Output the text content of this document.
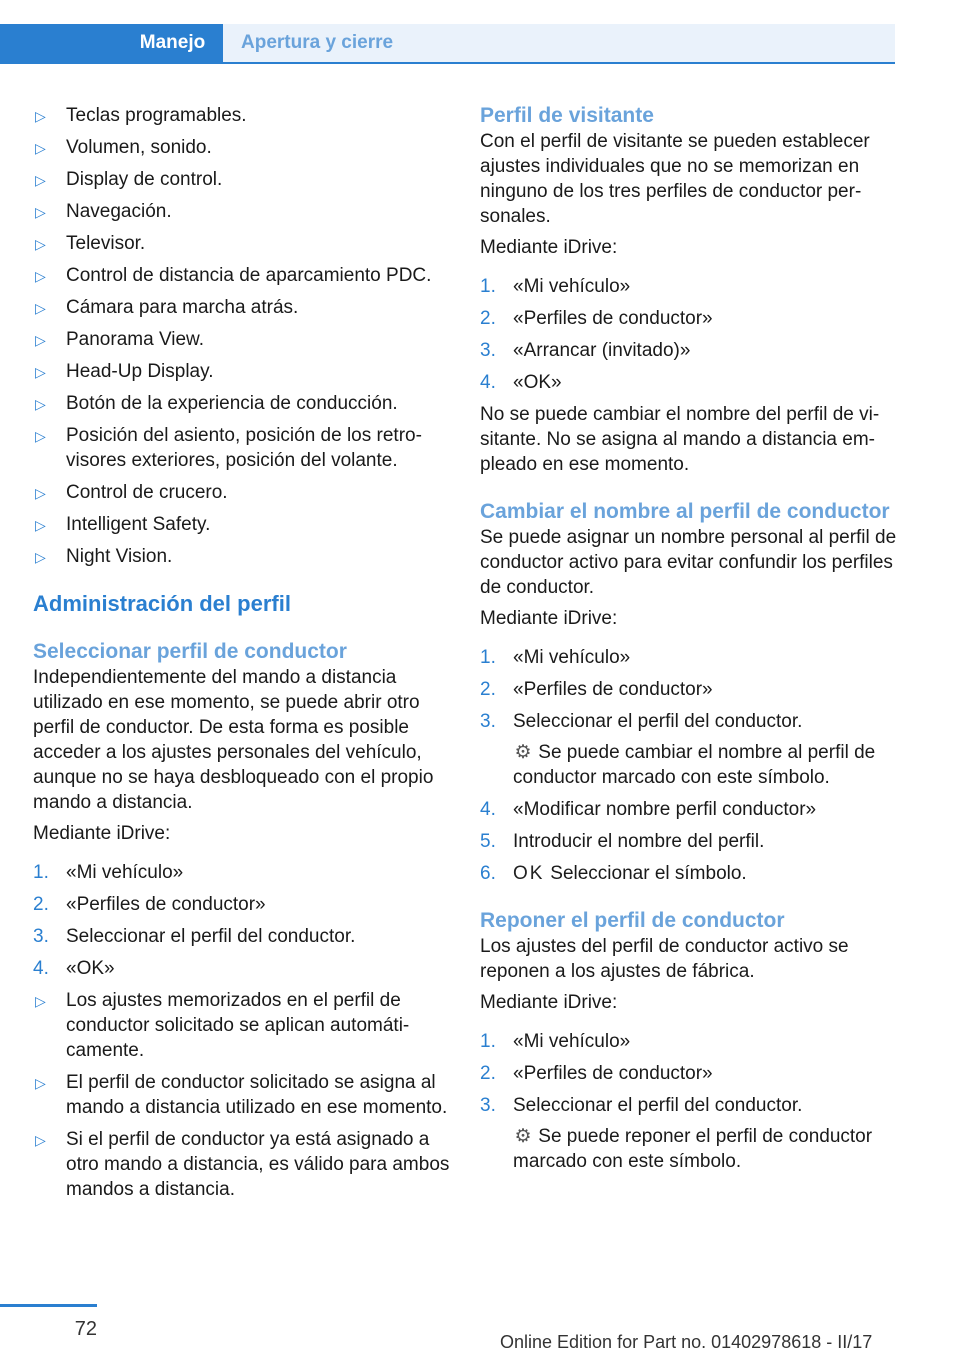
Manejo	Apertura y cierre
▷ Teclas programables.
▷ Volumen, sonido.
▷ Display de control.
▷ Navegación.
▷ Televisor.
▷ Control de distancia de aparcamiento PDC.
▷ Cámara para marcha atrás.
▷ Panorama View.
▷ Head-Up Display.
▷ Botón de la experiencia de conducción.
▷ Posición del asiento, posición de los retrovisores exteriores, posición del volante.
▷ Control de crucero.
▷ Intelligent Safety.
▷ Night Vision.
Administración del perfil
Seleccionar perfil de conductor

Independientemente del mando a distancia utilizado en ese momento, se puede abrir otro perfil de conductor. De esta forma es posible acceder a los ajustes personales del vehículo, aunque no se haya desbloqueado con el propio mando a distancia.

Mediante iDrive:

1. «Mi vehículo»
2. «Perfiles de conductor»
3. Seleccionar el perfil del conductor.
4. «OK»
▷ Los ajustes memorizados en el perfil de conductor solicitado se aplican automáticamente.
▷ El perfil de conductor solicitado se asigna al mando a distancia utilizado en ese momento.
▷ Si el perfil de conductor ya está asignado a otro mando a distancia, es válido para ambos mandos a distancia.
Perfil de visitante

Con el perfil de visitante se pueden establecer ajustes individuales que no se memorizan en ninguno de los tres perfiles de conductor personales.

Mediante iDrive:

1. «Mi vehículo»
2. «Perfiles de conductor»
3. «Arrancar (invitado)»
4. «OK»

No se puede cambiar el nombre del perfil de visitante. No se asigna al mando a distancia empleado en ese momento.

Cambiar el nombre al perfil de conductor

Se puede asignar un nombre personal al perfil de conductor activo para evitar confundir los perfiles de conductor.

Mediante iDrive:

1. «Mi vehículo»
2. «Perfiles de conductor»
3. Seleccionar el perfil del conductor.
⚙ Se puede cambiar el nombre al perfil de conductor marcado con este símbolo.
4. «Modificar nombre perfil conductor»
5. Introducir el nombre del perfil.
6. OK Seleccionar el símbolo.
Reponer el perfil de conductor

Los ajustes del perfil de conductor activo se reponen a los ajustes de fábrica.

Mediante iDrive:

1. «Mi vehículo»
2. «Perfiles de conductor»
3. Seleccionar el perfil del conductor.
⚙ Se puede reponer el perfil de conductor marcado con este símbolo.
72
Online Edition for Part no. 01402978618 - II/17
